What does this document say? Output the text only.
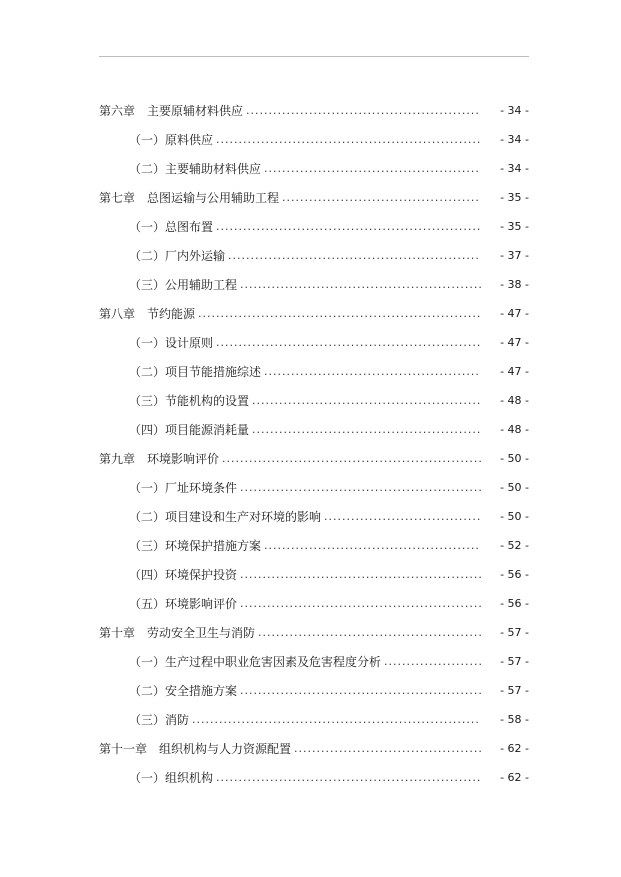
第六章 主要原辅材料供应 .....	- 34 -
（一）原料供应 .....	- 34 -
（二）主要辅助材料供应 .....	- 34 -
第七章 总图运输与公用辅助工程 .....	- 35 -
（一）总图布置 .....	- 35 -
（二）厂内外运输 .....	- 37 -
（三）公用辅助工程 .....	- 38 -
第八章 节约能源 .....	- 47 -
（一）设计原则 .....	- 47 -
（二）项目节能措施综述 .....	- 47 -
（三）节能机构的设置 .....	- 48 -
（四）项目能源消耗量 .....	- 48 -
第九章 环境影响评价 .....	- 50 -
（一）厂址环境条件 .....	- 50 -
（二）项目建设和生产对环境的影响 .....	- 50 -
（三）环境保护措施方案 .....	- 52 -
（四）环境保护投资 .....	- 56 -
（五）环境影响评价 .....	- 56 -
第十章 劳动安全卫生与消防 .....	- 57 -
（一）生产过程中职业危害因素及危害程度分析 .....	- 57 -
（二）安全措施方案 .....	- 57 -
（三）消防 .....	- 58 -
第十一章 组织机构与人力资源配置 .....	- 62 -
（一）组织机构 .....	- 62 -
